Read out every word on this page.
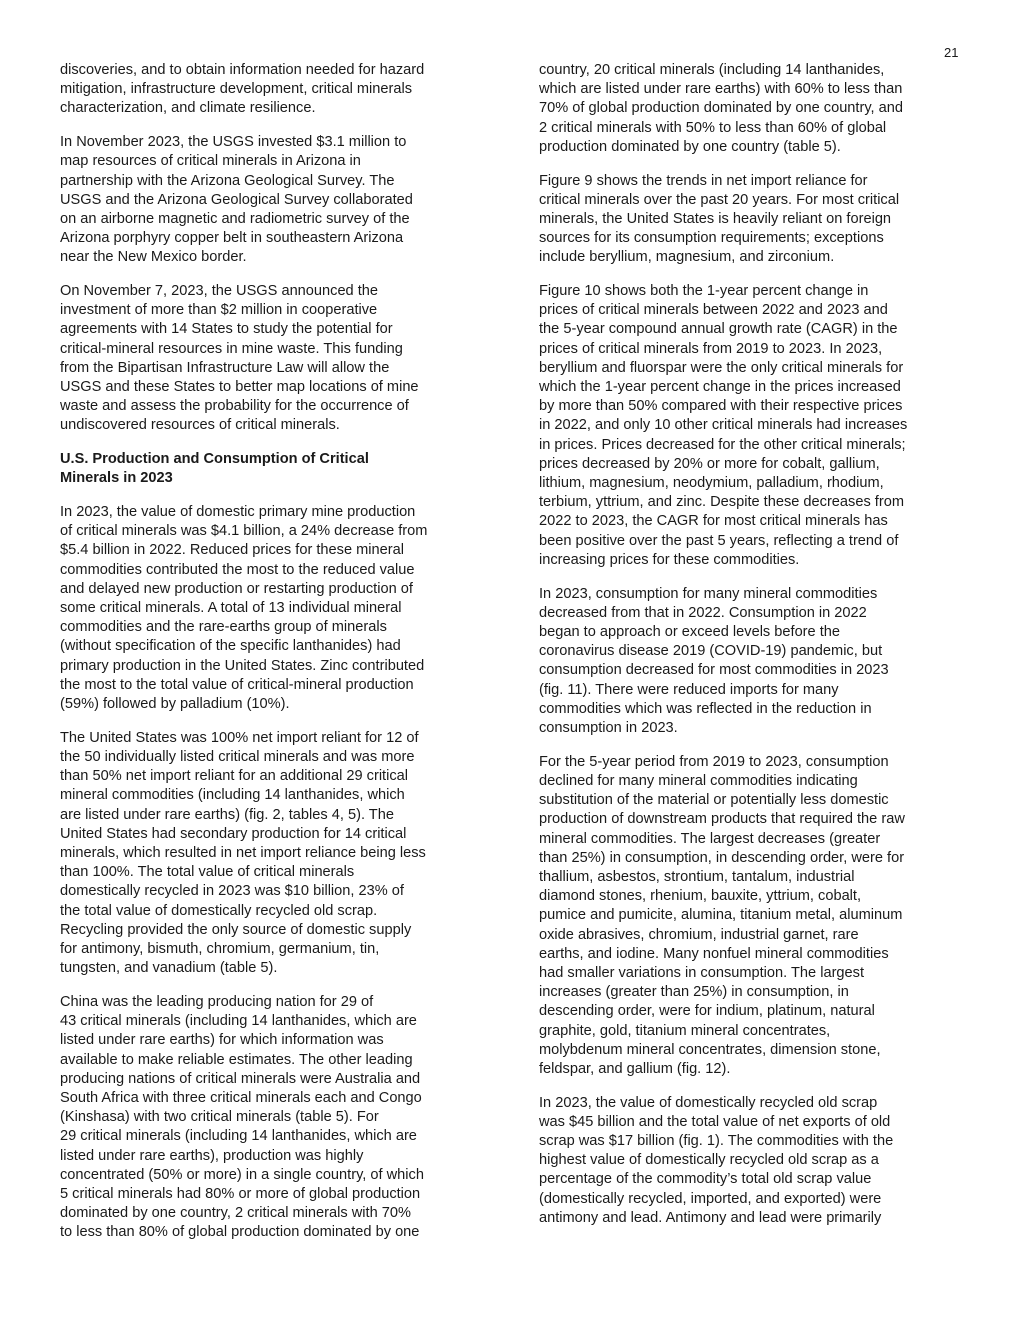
21

discoveries, and to obtain information needed for hazard
mitigation, infrastructure development, critical minerals
characterization, and climate resilience.

In November 2023, the USGS invested $3.1 million to
map resources of critical minerals in Arizona in
partnership with the Arizona Geological Survey. The
USGS and the Arizona Geological Survey collaborated
on an airborne magnetic and radiometric survey of the
Arizona porphyry copper belt in southeastern Arizona
near the New Mexico border.

On November 7, 2023, the USGS announced the
investment of more than $2 million in cooperative
agreements with 14 States to study the potential for
critical-mineral resources in mine waste. This funding
from the Bipartisan Infrastructure Law will allow the
USGS and these States to better map locations of mine
waste and assess the probability for the occurrence of
undiscovered resources of critical minerals.

U.S. Production and Consumption of Critical
Minerals in 2023

In 2023, the value of domestic primary mine production
of critical minerals was $4.1 billion, a 24% decrease from
$5.4 billion in 2022. Reduced prices for these mineral
commodities contributed the most to the reduced value
and delayed new production or restarting production of
some critical minerals. A total of 13 individual mineral
commodities and the rare-earths group of minerals
(without specification of the specific lanthanides) had
primary production in the United States. Zinc contributed
the most to the total value of critical-mineral production
(59%) followed by palladium (10%).

The United States was 100% net import reliant for 12 of
the 50 individually listed critical minerals and was more
than 50% net import reliant for an additional 29 critical
mineral commodities (including 14 lanthanides, which
are listed under rare earths) (fig. 2, tables 4, 5). The
United States had secondary production for 14 critical
minerals, which resulted in net import reliance being less
than 100%. The total value of critical minerals
domestically recycled in 2023 was $10 billion, 23% of
the total value of domestically recycled old scrap.
Recycling provided the only source of domestic supply
for antimony, bismuth, chromium, germanium, tin,
tungsten, and vanadium (table 5).

China was the leading producing nation for 29 of
43 critical minerals (including 14 lanthanides, which are
listed under rare earths) for which information was
available to make reliable estimates. The other leading
producing nations of critical minerals were Australia and
South Africa with three critical minerals each and Congo
(Kinshasa) with two critical minerals (table 5). For
29 critical minerals (including 14 lanthanides, which are
listed under rare earths), production was highly
concentrated (50% or more) in a single country, of which
5 critical minerals had 80% or more of global production
dominated by one country, 2 critical minerals with 70%
to less than 80% of global production dominated by one

country, 20 critical minerals (including 14 lanthanides,
which are listed under rare earths) with 60% to less than
70% of global production dominated by one country, and
2 critical minerals with 50% to less than 60% of global
production dominated by one country (table 5).

Figure 9 shows the trends in net import reliance for
critical minerals over the past 20 years. For most critical
minerals, the United States is heavily reliant on foreign
sources for its consumption requirements; exceptions
include beryllium, magnesium, and zirconium.

Figure 10 shows both the 1-year percent change in
prices of critical minerals between 2022 and 2023 and
the 5-year compound annual growth rate (CAGR) in the
prices of critical minerals from 2019 to 2023. In 2023,
beryllium and fluorspar were the only critical minerals for
which the 1-year percent change in the prices increased
by more than 50% compared with their respective prices
in 2022, and only 10 other critical minerals had increases
in prices. Prices decreased for the other critical minerals;
prices decreased by 20% or more for cobalt, gallium,
lithium, magnesium, neodymium, palladium, rhodium,
terbium, yttrium, and zinc. Despite these decreases from
2022 to 2023, the CAGR for most critical minerals has
been positive over the past 5 years, reflecting a trend of
increasing prices for these commodities.

In 2023, consumption for many mineral commodities
decreased from that in 2022. Consumption in 2022
began to approach or exceed levels before the
coronavirus disease 2019 (COVID-19) pandemic, but
consumption decreased for most commodities in 2023
(fig. 11). There were reduced imports for many
commodities which was reflected in the reduction in
consumption in 2023.

For the 5-year period from 2019 to 2023, consumption
declined for many mineral commodities indicating
substitution of the material or potentially less domestic
production of downstream products that required the raw
mineral commodities. The largest decreases (greater
than 25%) in consumption, in descending order, were for
thallium, asbestos, strontium, tantalum, industrial
diamond stones, rhenium, bauxite, yttrium, cobalt,
pumice and pumicite, alumina, titanium metal, aluminum
oxide abrasives, chromium, industrial garnet, rare
earths, and iodine. Many nonfuel mineral commodities
had smaller variations in consumption. The largest
increases (greater than 25%) in consumption, in
descending order, were for indium, platinum, natural
graphite, gold, titanium mineral concentrates,
molybdenum mineral concentrates, dimension stone,
feldspar, and gallium (fig. 12).

In 2023, the value of domestically recycled old scrap
was $45 billion and the total value of net exports of old
scrap was $17 billion (fig. 1). The commodities with the
highest value of domestically recycled old scrap as a
percentage of the commodity’s total old scrap value
(domestically recycled, imported, and exported) were
antimony and lead. Antimony and lead were primarily
